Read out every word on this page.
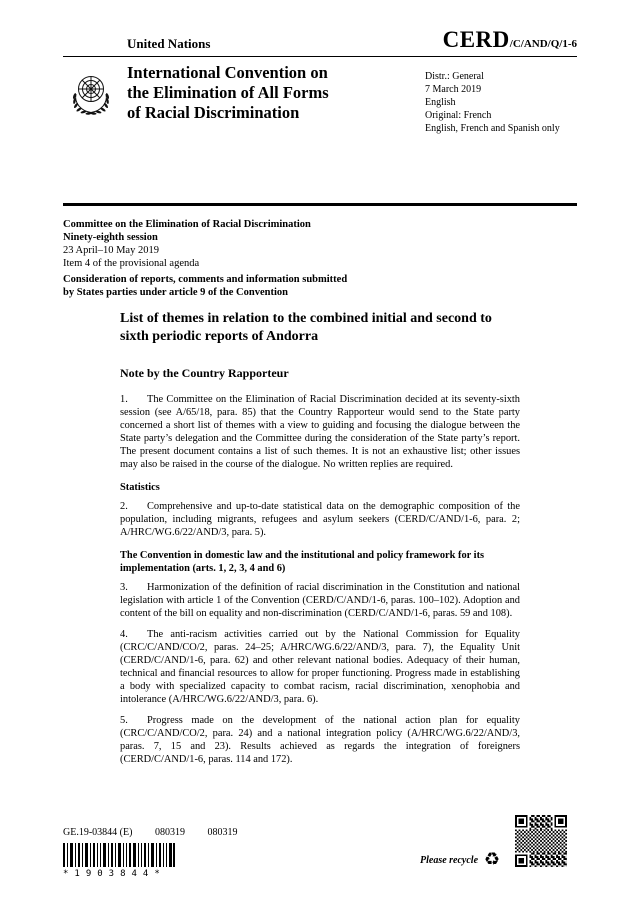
United Nations	CERD/C/AND/Q/1-6
International Convention on
the Elimination of All Forms
of Racial Discrimination
Distr.: General
7 March 2019
English
Original: French
English, French and Spanish only
Committee on the Elimination of Racial Discrimination
Ninety-eighth session
23 April–10 May 2019
Item 4 of the provisional agenda
Consideration of reports, comments and information submitted
by States parties under article 9 of the Convention
List of themes in relation to the combined initial and second to sixth periodic reports of Andorra
Note by the Country Rapporteur

1. The Committee on the Elimination of Racial Discrimination decided at its seventy-sixth session (see A/65/18, para. 85) that the Country Rapporteur would send to the State party concerned a short list of themes with a view to guiding and focusing the dialogue between the State party’s delegation and the Committee during the consideration of the State party’s report. The present document contains a list of such themes. It is not an exhaustive list; other issues may also be raised in the course of the dialogue. No written replies are required.

Statistics

2. Comprehensive and up-to-date statistical data on the demographic composition of the population, including migrants, refugees and asylum seekers (CERD/C/AND/1-6, para. 2; A/HRC/WG.6/22/AND/3, para. 5).

The Convention in domestic law and the institutional and policy framework for its implementation (arts. 1, 2, 3, 4 and 6)

3. Harmonization of the definition of racial discrimination in the Constitution and national legislation with article 1 of the Convention (CERD/C/AND/1-6, paras. 100–102). Adoption and content of the bill on equality and non-discrimination (CERD/C/AND/1-6, paras. 59 and 108).

4. The anti-racism activities carried out by the National Commission for Equality (CRC/C/AND/CO/2, paras. 24–25; A/HRC/WG.6/22/AND/3, para. 7), the Equality Unit (CERD/C/AND/1-6, para. 62) and other relevant national bodies. Adequacy of their human, technical and financial resources to allow for proper functioning. Progress made in establishing a body with specialized capacity to combat racism, racial discrimination, xenophobia and intolerance (A/HRC/WG.6/22/AND/3, para. 6).

5. Progress made on the development of the national action plan for equality (CRC/C/AND/CO/2, para. 24) and a national integration policy (A/HRC/WG.6/22/AND/3, paras. 7, 15 and 23). Results achieved as regards the integration of foreigners (CERD/C/AND/1-6, paras. 114 and 172).

GE.19-03844 (E) 080319 080319
*1903844*
Please recycle ♻
